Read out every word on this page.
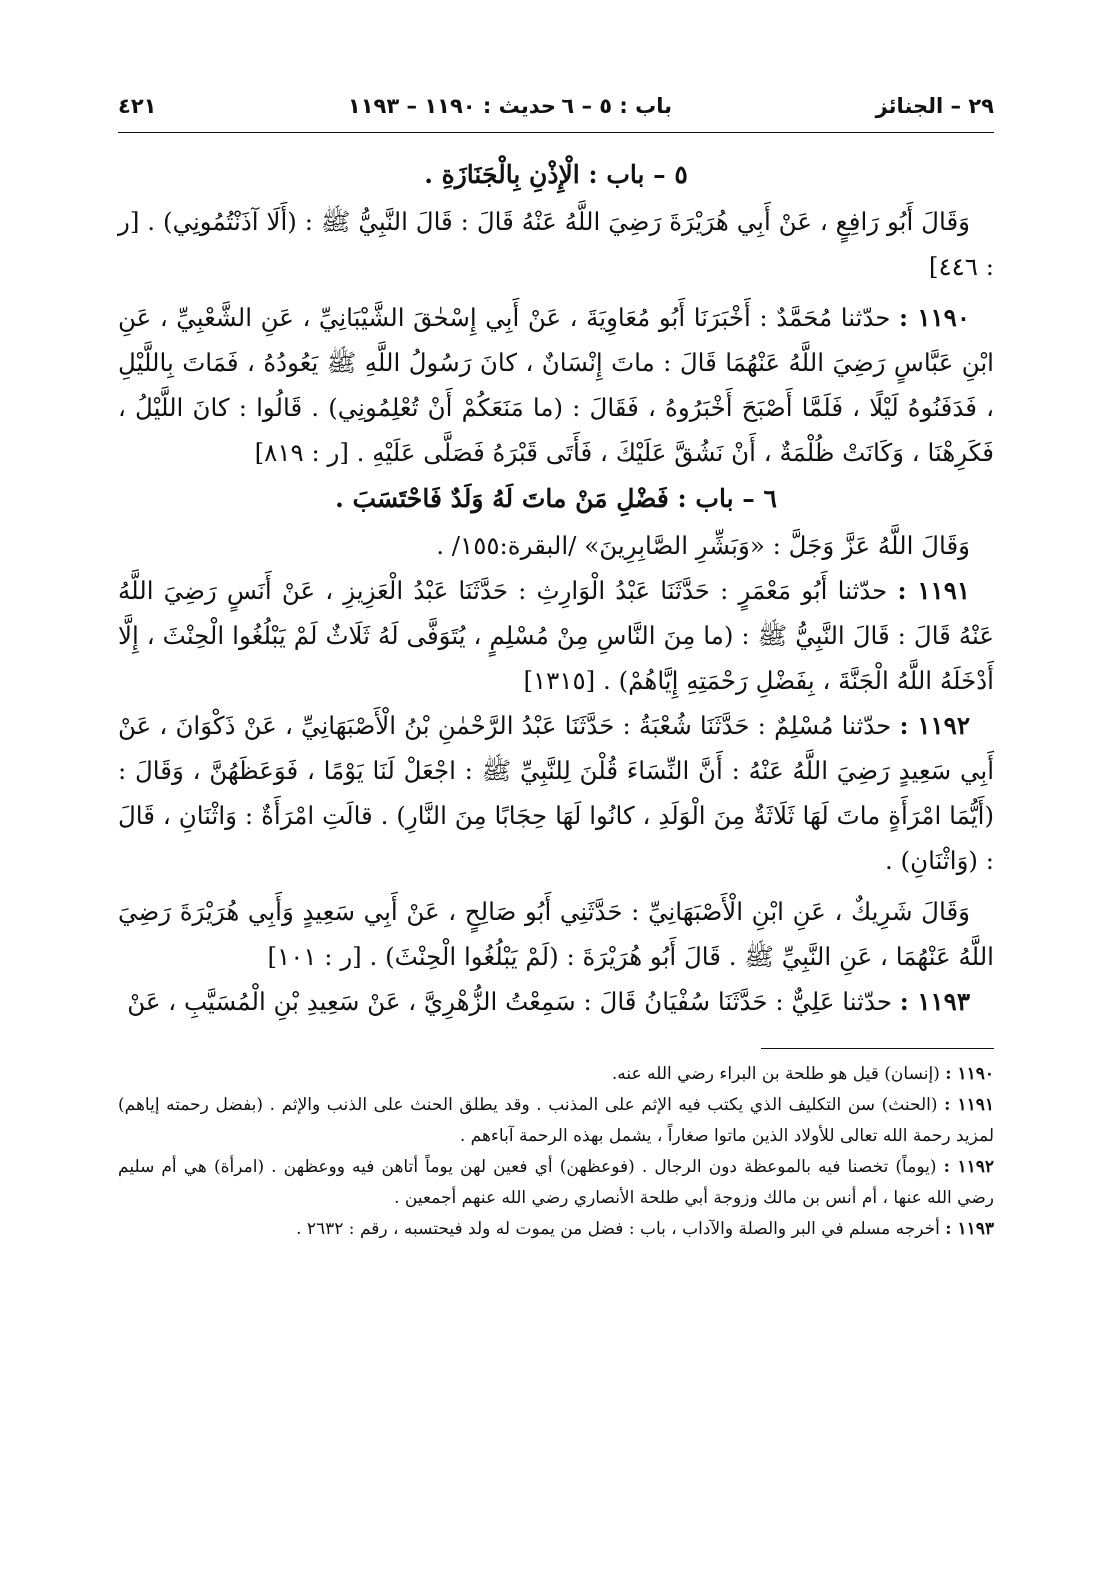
٢٩ – الجنائز
باب : ٥ – ٦
حديث : ١١٩٠ – ١١٩٣
٤٢١

٥ – باب : الْإِذْنِ بِالْجَنَازَةِ .

وَقَالَ أَبُو رَافِعٍ ، عَنْ أَبِي هُرَيْرَةَ رَضِيَ اللَّهُ عَنْهُ قَالَ : قَالَ النَّبِيُّ ﷺ : (أَلَا آذَنْتُمُونِي) . [ر : ٤٤٦]

١١٩٠ : حدّثنا مُحَمَّدٌ : أَخْبَرَنَا أَبُو مُعَاوِيَةَ ، عَنْ أَبِي إِسْحٰقَ الشَّيْبَانِيِّ ، عَنِ الشَّعْبِيِّ ، عَنِ ابْنِ عَبَّاسٍ رَضِيَ اللَّهُ عَنْهُمَا قَالَ : ماتَ إِنْسَانٌ ، كانَ رَسُولُ اللَّهِ ﷺ يَعُودُهُ ، فَمَاتَ بِاللَّيْلِ ، فَدَفَنُوهُ لَيْلًا ، فَلَمَّا أَصْبَحَ أَخْبَرُوهُ ، فَقَالَ : (ما مَنَعَكُمْ أَنْ تُعْلِمُونِي) . قَالُوا : كانَ اللَّيْلُ ، فَكَرِهْنَا ، وَكَانَتْ ظُلْمَةٌ ، أَنْ نَشُقَّ عَلَيْكَ ، فَأَتَى قَبْرَهُ فَصَلَّى عَلَيْهِ . [ر : ٨١٩]

٦ – باب : فَضْلِ مَنْ ماتَ لَهُ وَلَدٌ فَاحْتَسَبَ .

وَقَالَ اللَّهُ عَزَّ وَجَلَّ : «وَبَشِّرِ الصَّابِرِينَ» /البقرة:١٥٥/ .

١١٩١ : حدّثنا أَبُو مَعْمَرٍ : حَدَّثَنَا عَبْدُ الْوَارِثِ : حَدَّثَنَا عَبْدُ الْعَزِيزِ ، عَنْ أَنَسٍ رَضِيَ اللَّهُ عَنْهُ قَالَ : قَالَ النَّبِيُّ ﷺ : (ما مِنَ النَّاسِ مِنْ مُسْلِمٍ ، يُتَوَفَّى لَهُ ثَلَاثٌ لَمْ يَبْلُغُوا الْحِنْثَ ، إِلَّا أَدْخَلَهُ اللَّهُ الْجَنَّةَ ، بِفَضْلِ رَحْمَتِهِ إِيَّاهُمْ) . [١٣١٥]

١١٩٢ : حدّثنا مُسْلِمٌ : حَدَّثَنَا شُعْبَةُ : حَدَّثَنَا عَبْدُ الرَّحْمٰنِ بْنُ الْأَصْبَهَانِيِّ ، عَنْ ذَكْوَانَ ، عَنْ أَبِي سَعِيدٍ رَضِيَ اللَّهُ عَنْهُ : أَنَّ النِّسَاءَ قُلْنَ لِلنَّبِيِّ ﷺ : اجْعَلْ لَنَا يَوْمًا ، فَوَعَظَهُنَّ ، وَقَالَ : (أَيُّمَا امْرَأَةٍ ماتَ لَهَا ثَلَاثَةٌ مِنَ الْوَلَدِ ، كانُوا لَهَا حِجَابًا مِنَ النَّارِ) . قالَتِ امْرَأَةٌ : وَاثْنَانِ ، قَالَ : (وَاثْنَانِ) .

وَقَالَ شَرِيكٌ ، عَنِ ابْنِ الْأَصْبَهَانِيِّ : حَدَّثَنِي أَبُو صَالِحٍ ، عَنْ أَبِي سَعِيدٍ وَأَبِي هُرَيْرَةَ رَضِيَ اللَّهُ عَنْهُمَا ، عَنِ النَّبِيِّ ﷺ . قَالَ أَبُو هُرَيْرَةَ : (لَمْ يَبْلُغُوا الْحِنْثَ) . [ر : ١٠١]

١١٩٣ : حدّثنا عَلِيٌّ : حَدَّثَنَا سُفْيَانُ قَالَ : سَمِعْتُ الزُّهْرِيَّ ، عَنْ سَعِيدِ بْنِ الْمُسَيَّبِ ، عَنْ

١١٩٠ : (إنسان) قيل هو طلحة بن البراء رضي الله عنه.

١١٩١ : (الحنث) سن التكليف الذي يكتب فيه الإثم على المذنب . وقد يطلق الحنث على الذنب والإثم . (بفضل رحمته إياهم) لمزيد رحمة الله تعالى للأولاد الذين ماتوا صغاراً ، يشمل بهذه الرحمة آباءهم .

١١٩٢ : (يوماً) تخصنا فيه بالموعظة دون الرجال . (فوعظهن) أي فعين لهن يوماً أتاهن فيه ووعظهن . (امرأة) هي أم سليم رضي الله عنها ، أم أنس بن مالك وزوجة أبي طلحة الأنصاري رضي الله عنهم أجمعين .

١١٩٣ : أخرجه مسلم في البر والصلة والآداب ، باب : فضل من يموت له ولد فيحتسبه ، رقم : ٢٦٣٢ .
